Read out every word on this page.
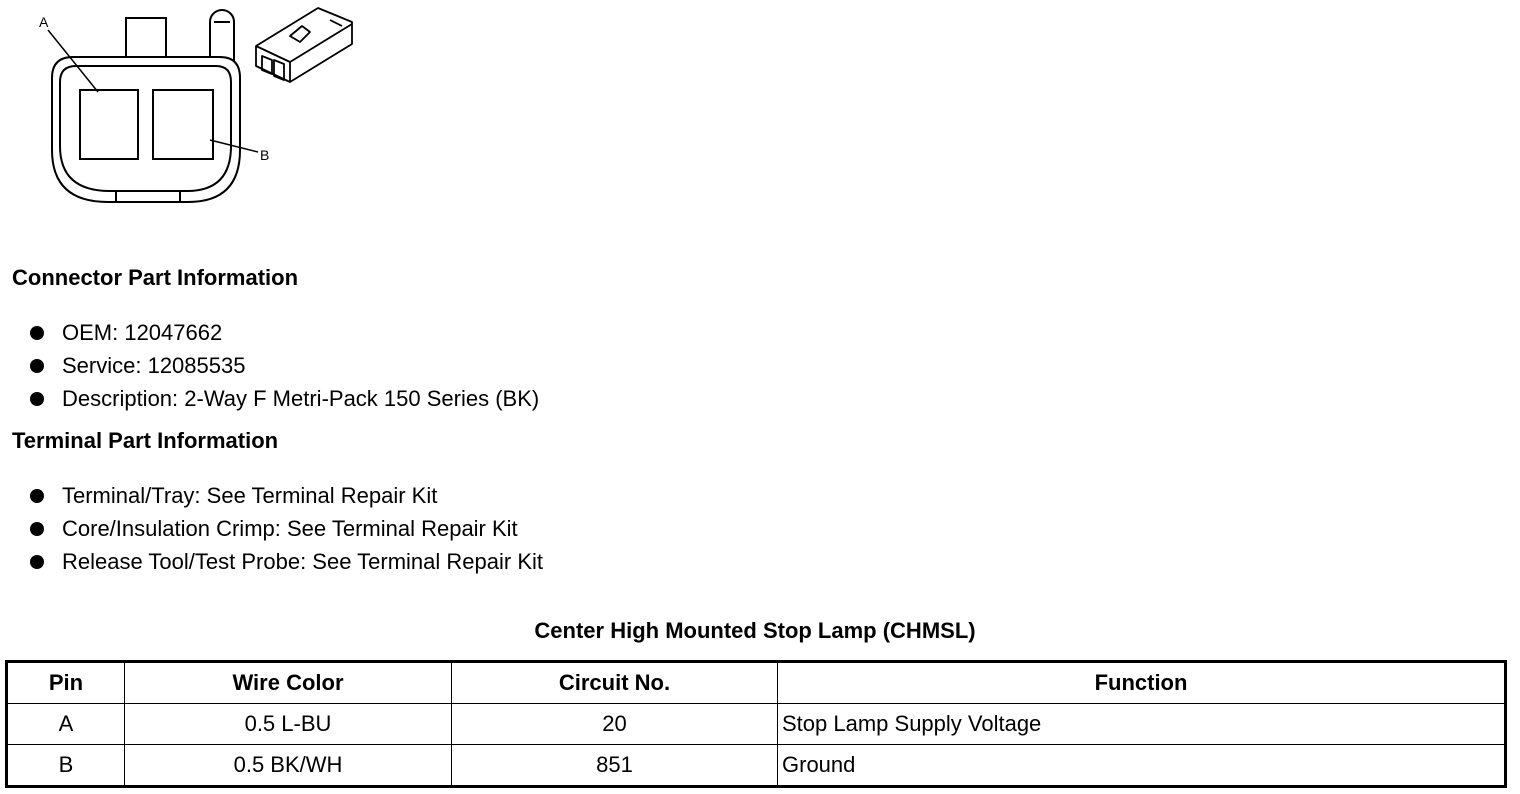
A
B
Connector Part Information
OEM: 12047662
Service: 12085535
Description: 2-Way F Metri-Pack 150 Series (BK)
Terminal Part Information
Terminal/Tray: See Terminal Repair Kit
Core/Insulation Crimp: See Terminal Repair Kit
Release Tool/Test Probe: See Terminal Repair Kit
Center High Mounted Stop Lamp (CHMSL)
Pin	Wire Color	Circuit No.	Function
A	0.5 L-BU	20	Stop Lamp Supply Voltage
B	0.5 BK/WH	851	Ground
